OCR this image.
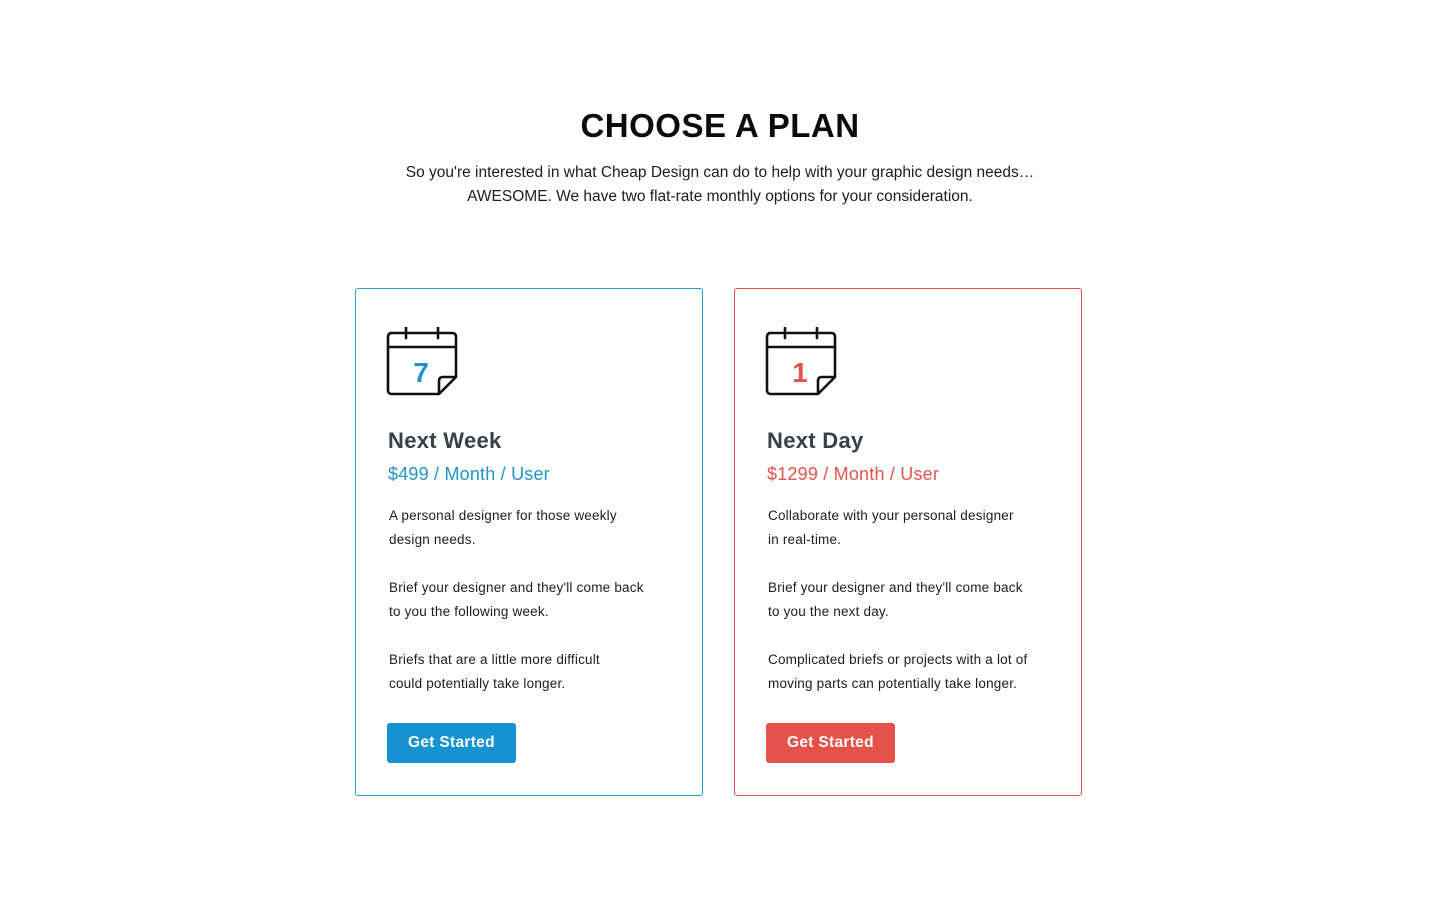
CHOOSE A PLAN

So you're interested in what Cheap Design can do to help with your graphic design needs…
AWESOME. We have two flat-rate monthly options for your consideration.

7
Next Week
$499 / Month / User

A personal designer for those weekly
design needs.

Brief your designer and they'll come back
to you the following week.

Briefs that are a little more difficult
could potentially take longer.

Get Started
1
Next Day
$1299 / Month / User

Collaborate with your personal designer
in real-time.

Brief your designer and they'll come back
to you the next day.

Complicated briefs or projects with a lot of
moving parts can potentially take longer.

Get Started
